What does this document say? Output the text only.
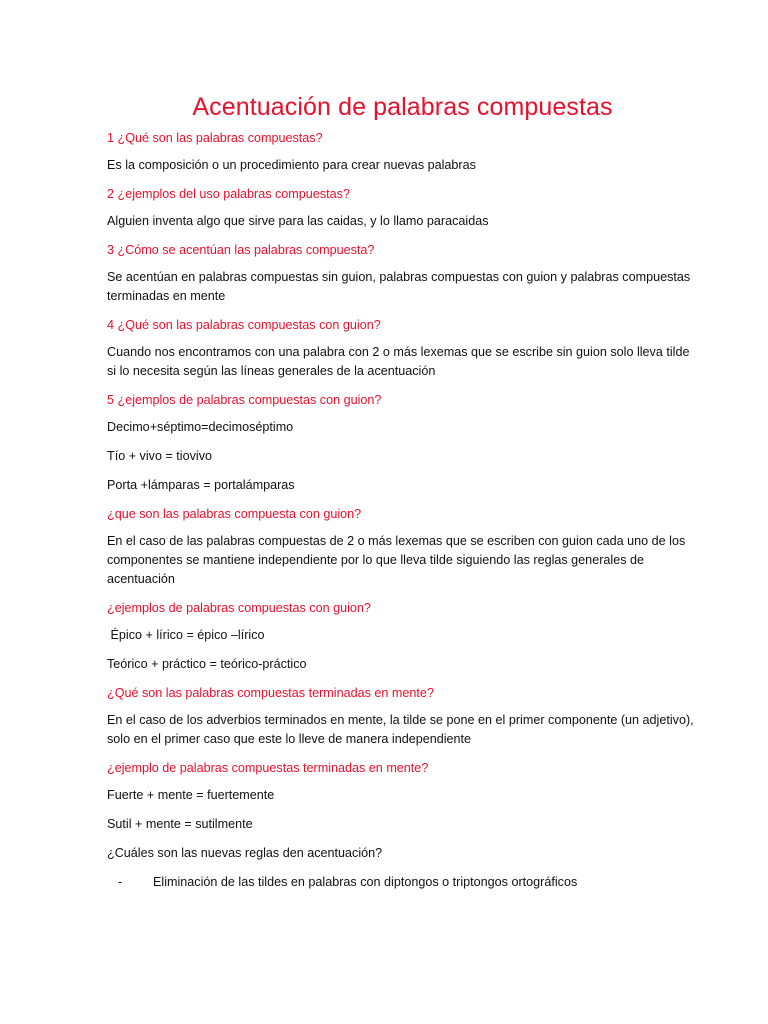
Acentuación de palabras compuestas
1 ¿Qué son las palabras compuestas?
Es la composición o un procedimiento para crear nuevas palabras
2 ¿ejemplos del uso palabras compuestas?
Alguien inventa algo que sirve para las caidas, y lo llamo paracaidas
3 ¿Cómo se acentúan las palabras compuesta?
Se acentúan en palabras compuestas sin guion, palabras compuestas con guion y palabras compuestas terminadas en mente
4 ¿Qué son las palabras compuestas con guion?
Cuando nos encontramos con una palabra con 2 o más lexemas que se escribe sin guion solo lleva tilde si lo necesita según las líneas generales de la acentuación
5 ¿ejemplos de palabras compuestas con guion?
Decimo+séptimo=decimoséptimo
Tío + vivo = tiovivo
Porta +lámparas = portalámparas
¿que son las palabras compuesta con guion?
En el caso de las palabras compuestas de 2 o más lexemas que se escriben con guion cada uno de los componentes se mantiene independiente por lo que lleva tilde siguiendo las reglas generales de acentuación
¿ejemplos de palabras compuestas con guion?
Épico + lírico = épico –lírico
Teórico + práctico = teórico-práctico
¿Qué son las palabras compuestas terminadas en mente?
En el caso de los adverbios terminados en mente, la tilde se pone en el primer componente (un adjetivo), solo en el primer caso que este lo lleve de manera independiente
¿ejemplo de palabras compuestas terminadas en mente?
Fuerte + mente = fuertemente
Sutil + mente = sutilmente
¿Cuáles son las nuevas reglas den acentuación?
- Eliminación de las tildes en palabras con diptongos o triptongos ortográficos
